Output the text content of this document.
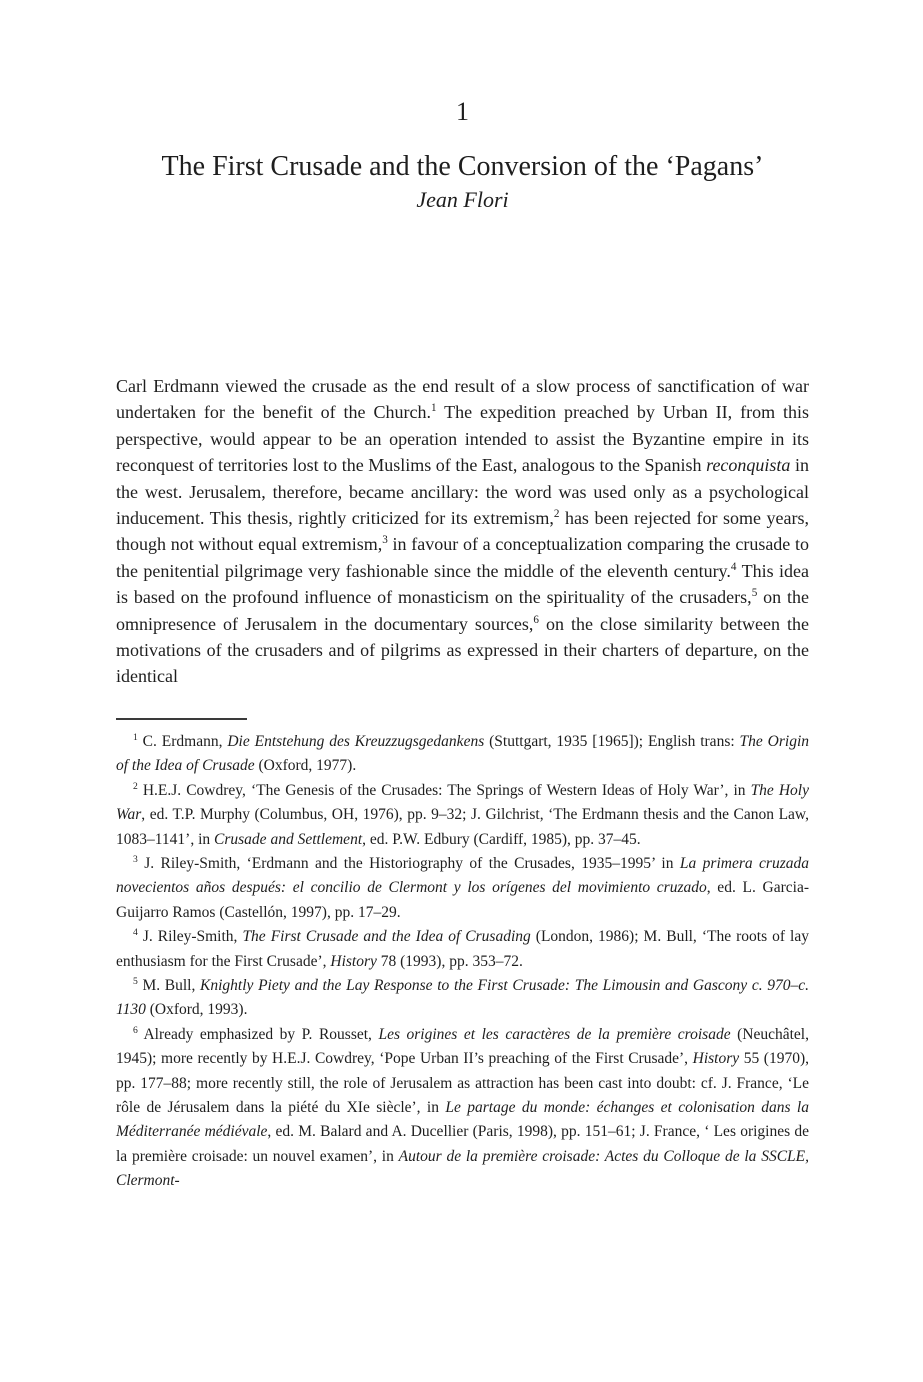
1
The First Crusade and the Conversion of the ‘Pagans’
Jean Flori

Carl Erdmann viewed the crusade as the end result of a slow process of sanctification of war undertaken for the benefit of the Church.$^1$ The expedition preached by Urban II, from this perspective, would appear to be an operation intended to assist the Byzantine empire in its reconquest of territories lost to the Muslims of the East, analogous to the Spanish reconquista in the west. Jerusalem, therefore, became ancillary: the word was used only as a psychological inducement. This thesis, rightly criticized for its extremism,$^2$ has been rejected for some years, though not without equal extremism,$^3$ in favour of a conceptualization comparing the crusade to the penitential pilgrimage very fashionable since the middle of the eleventh century.$^4$ This idea is based on the profound influence of monasticism on the spirituality of the crusaders,$^5$ on the omnipresence of Jerusalem in the documentary sources,$^6$ on the close similarity between the motivations of the crusaders and of pilgrims as expressed in their charters of departure, on the identical

$^1$ C. Erdmann, Die Entstehung des Kreuzzugsgedankens (Stuttgart, 1935 [1965]); English trans: The Origin of the Idea of Crusade (Oxford, 1977).

$^2$ H.E.J. Cowdrey, ‘The Genesis of the Crusades: The Springs of Western Ideas of Holy War’, in The Holy War, ed. T.P. Murphy (Columbus, OH, 1976), pp. 9–32; J. Gilchrist, ‘The Erdmann thesis and the Canon Law, 1083–1141’, in Crusade and Settlement, ed. P.W. Edbury (Cardiff, 1985), pp. 37–45.

$^3$ J. Riley-Smith, ‘Erdmann and the Historiography of the Crusades, 1935–1995’ in La primera cruzada novecientos años después: el concilio de Clermont y los orígenes del movimiento cruzado, ed. L. Garcia-Guijarro Ramos (Castellón, 1997), pp. 17–29.

$^4$ J. Riley-Smith, The First Crusade and the Idea of Crusading (London, 1986); M. Bull, ‘The roots of lay enthusiasm for the First Crusade’, History 78 (1993), pp. 353–72.

$^5$ M. Bull, Knightly Piety and the Lay Response to the First Crusade: The Limousin and Gascony c. 970–c. 1130 (Oxford, 1993).

$^6$ Already emphasized by P. Rousset, Les origines et les caractères de la première croisade (Neuchâtel, 1945); more recently by H.E.J. Cowdrey, ‘Pope Urban II’s preaching of the First Crusade’, History 55 (1970), pp. 177–88; more recently still, the role of Jerusalem as attraction has been cast into doubt: cf. J. France, ‘Le rôle de Jérusalem dans la piété du XIe siècle’, in Le partage du monde: échanges et colonisation dans la Méditerranée médiévale, ed. M. Balard and A. Ducellier (Paris, 1998), pp. 151–61; J. France, ‘ Les origines de la première croisade: un nouvel examen’, in Autour de la première croisade: Actes du Colloque de la SSCLE, Clermont-
